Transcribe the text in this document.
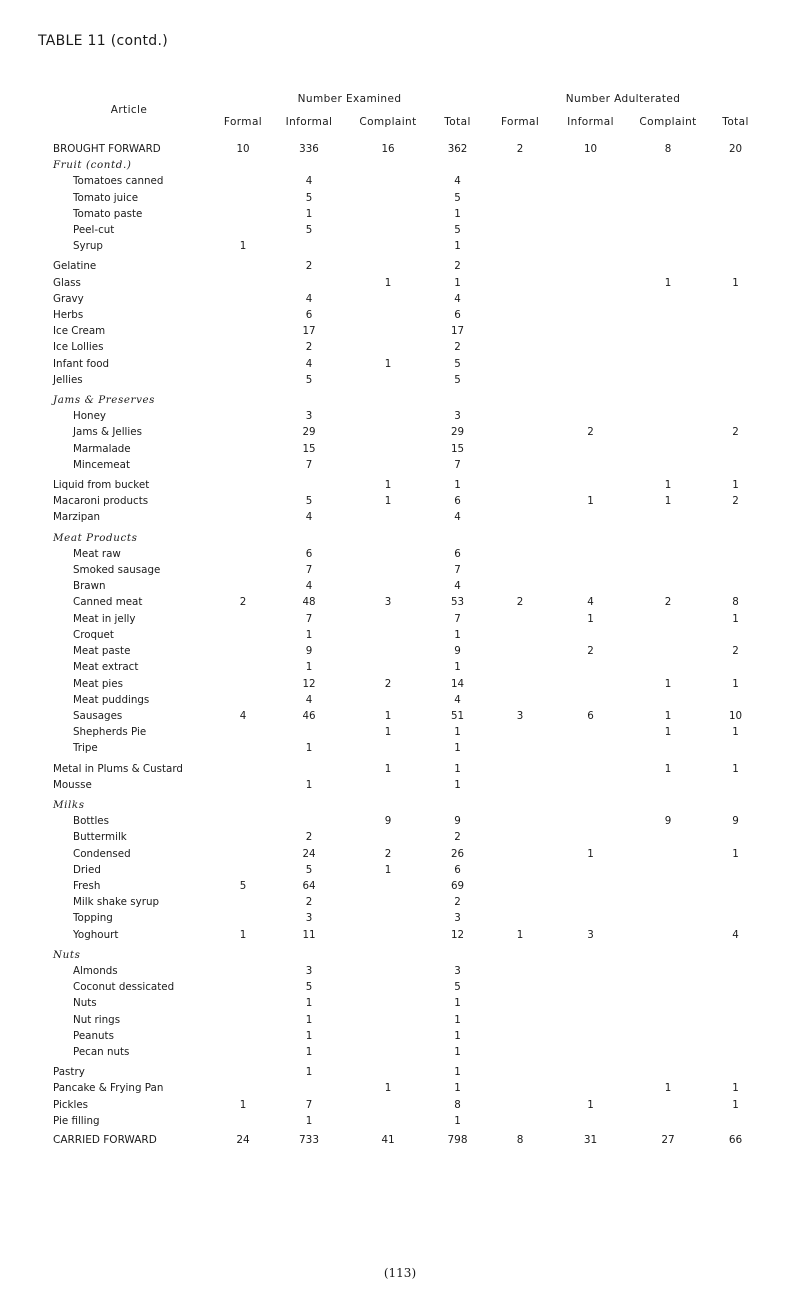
TABLE 11 (contd.)
Article	Number Examined				Number Adulterated			
	Formal	Informal	Complaint	Total	Formal	Informal	Complaint	Total

BROUGHT FORWARD	10	336	16	362	2	10	8	20
Fruit (contd.)								
Tomatoes canned		4		4				
Tomato juice		5		5				
Tomato paste		1		1				
Peel-cut		5		5				
Syrup	1			1				
Gelatine		2		2				
Glass			1	1			1	1
Gravy		4		4				
Herbs		6		6				
Ice Cream		17		17				
Ice Lollies		2		2				
Infant food		4	1	5				
Jellies		5		5				
Jams & Preserves								
Honey		3		3				
Jams & Jellies		29		29		2		2
Marmalade		15		15				
Mincemeat		7		7				
Liquid from bucket			1	1			1	1
Macaroni products		5	1	6		1	1	2
Marzipan		4		4				
Meat Products								
Meat raw		6		6				
Smoked sausage		7		7				
Brawn		4		4				
Canned meat	2	48	3	53	2	4	2	8
Meat in jelly		7		7		1		1
Croquet		1		1				
Meat paste		9		9		2		2
Meat extract		1		1				
Meat pies		12	2	14			1	1
Meat puddings		4		4				
Sausages	4	46	1	51	3	6	1	10
Shepherds Pie			1	1			1	1
Tripe		1		1				
Metal in Plums & Custard			1	1			1	1
Mousse		1		1				
Milks								
Bottles			9	9			9	9
Buttermilk		2		2				
Condensed		24	2	26		1		1
Dried		5	1	6				
Fresh	5	64		69				
Milk shake syrup		2		2				
Topping		3		3				
Yoghourt	1	11		12	1	3		4
Nuts								
Almonds		3		3				
Coconut dessicated		5		5				
Nuts		1		1				
Nut rings		1		1				
Peanuts		1		1				
Pecan nuts		1		1				
Pastry		1		1				
Pancake & Frying Pan			1	1			1	1
Pickles	1	7		8		1		1
Pie filling		1		1				
CARRIED FORWARD	24	733	41	798	8	31	27	66
(113)
